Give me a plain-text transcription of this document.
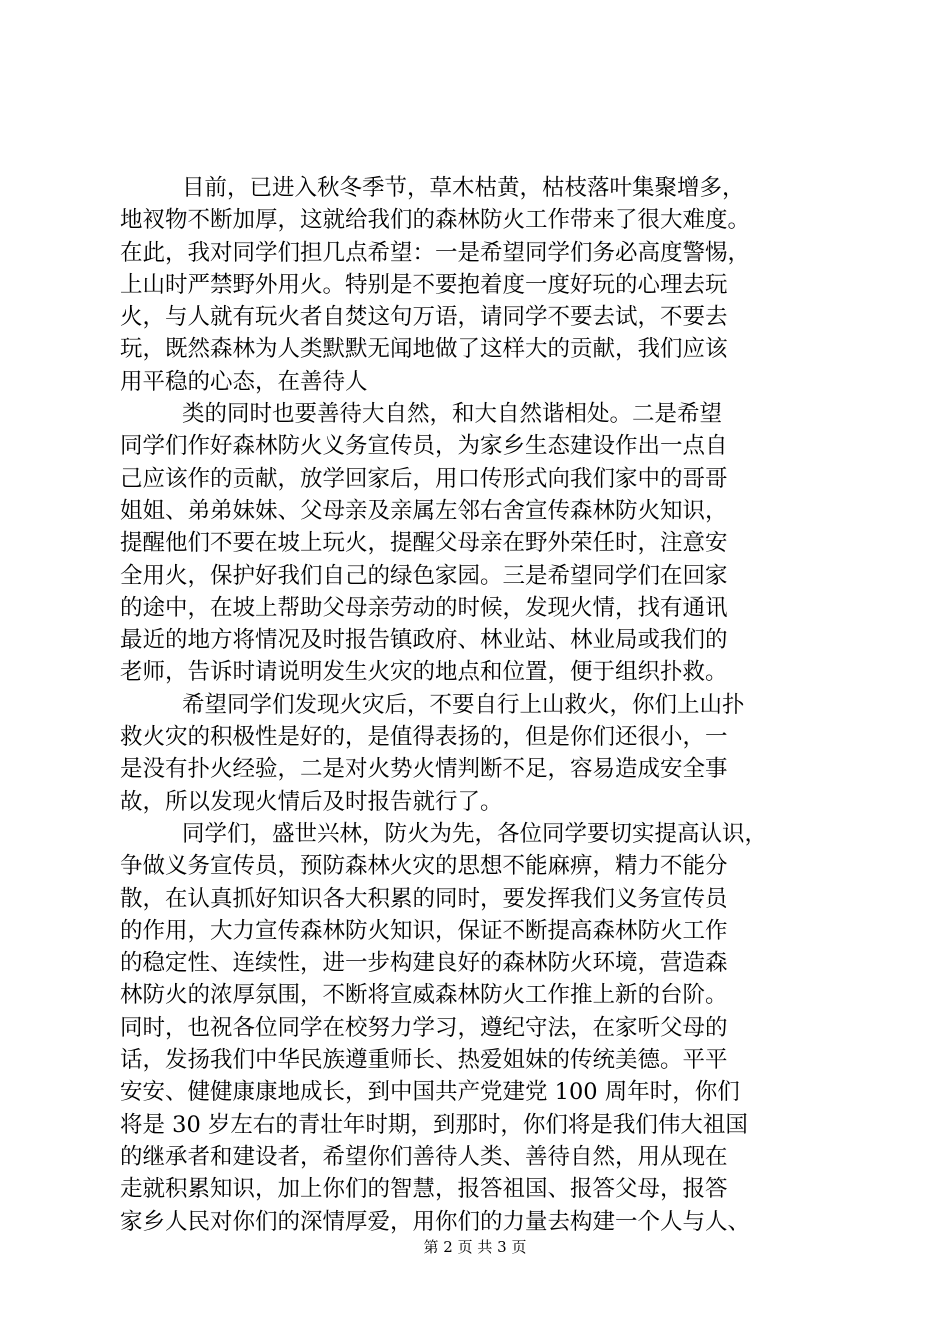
目前，已进入秋冬季节，草木枯黄，枯枝落叶集聚增多，
地衩物不断加厚，这就给我们的森林防火工作带来了很大难度。
在此，我对同学们担几点希望：一是希望同学们务必高度警惕，
上山时严禁野外用火。特别是不要抱着度一度好玩的心理去玩
火，与人就有玩火者自焚这句万语，请同学不要去试，不要去
玩，既然森林为人类默默无闻地做了这样大的贡献，我们应该
用平稳的心态，在善待人
类的同时也要善待大自然，和大自然谐相处。二是希望
同学们作好森林防火义务宣传员，为家乡生态建设作出一点自
己应该作的贡献，放学回家后，用口传形式向我们家中的哥哥
姐姐、弟弟妹妹、父母亲及亲属左邻右舍宣传森林防火知识，
提醒他们不要在坡上玩火，提醒父母亲在野外荣任时，注意安
全用火，保护好我们自己的绿色家园。三是希望同学们在回家
的途中，在坡上帮助父母亲劳动的时候，发现火情，找有通讯
最近的地方将情况及时报告镇政府、林业站、林业局或我们的
老师，告诉时请说明发生火灾的地点和位置，便于组织扑救。
希望同学们发现火灾后，不要自行上山救火，你们上山扑
救火灾的积极性是好的，是值得表扬的，但是你们还很小，一
是没有扑火经验，二是对火势火情判断不足，容易造成安全事
故，所以发现火情后及时报告就行了。
同学们，盛世兴林，防火为先，各位同学要切实提高认识，
争做义务宣传员，预防森林火灾的思想不能麻痹，精力不能分
散，在认真抓好知识各大积累的同时，要发挥我们义务宣传员
的作用，大力宣传森林防火知识，保证不断提高森林防火工作
的稳定性、连续性，进一步构建良好的森林防火环境，营造森
林防火的浓厚氛围，不断将宣威森林防火工作推上新的台阶。
同时，也祝各位同学在校努力学习，遵纪守法，在家听父母的
话，发扬我们中华民族遵重师长、热爱姐妹的传统美德。平平
安安、健健康康地成长，到中国共产党建党 100 周年时，你们
将是 30 岁左右的青壮年时期，到那时，你们将是我们伟大祖国
的继承者和建设者，希望你们善待人类、善待自然，用从现在
走就积累知识，加上你们的智慧，报答祖国、报答父母，报答
家乡人民对你们的深情厚爱，用你们的力量去构建一个人与人、
第 2 页 共 3 页
